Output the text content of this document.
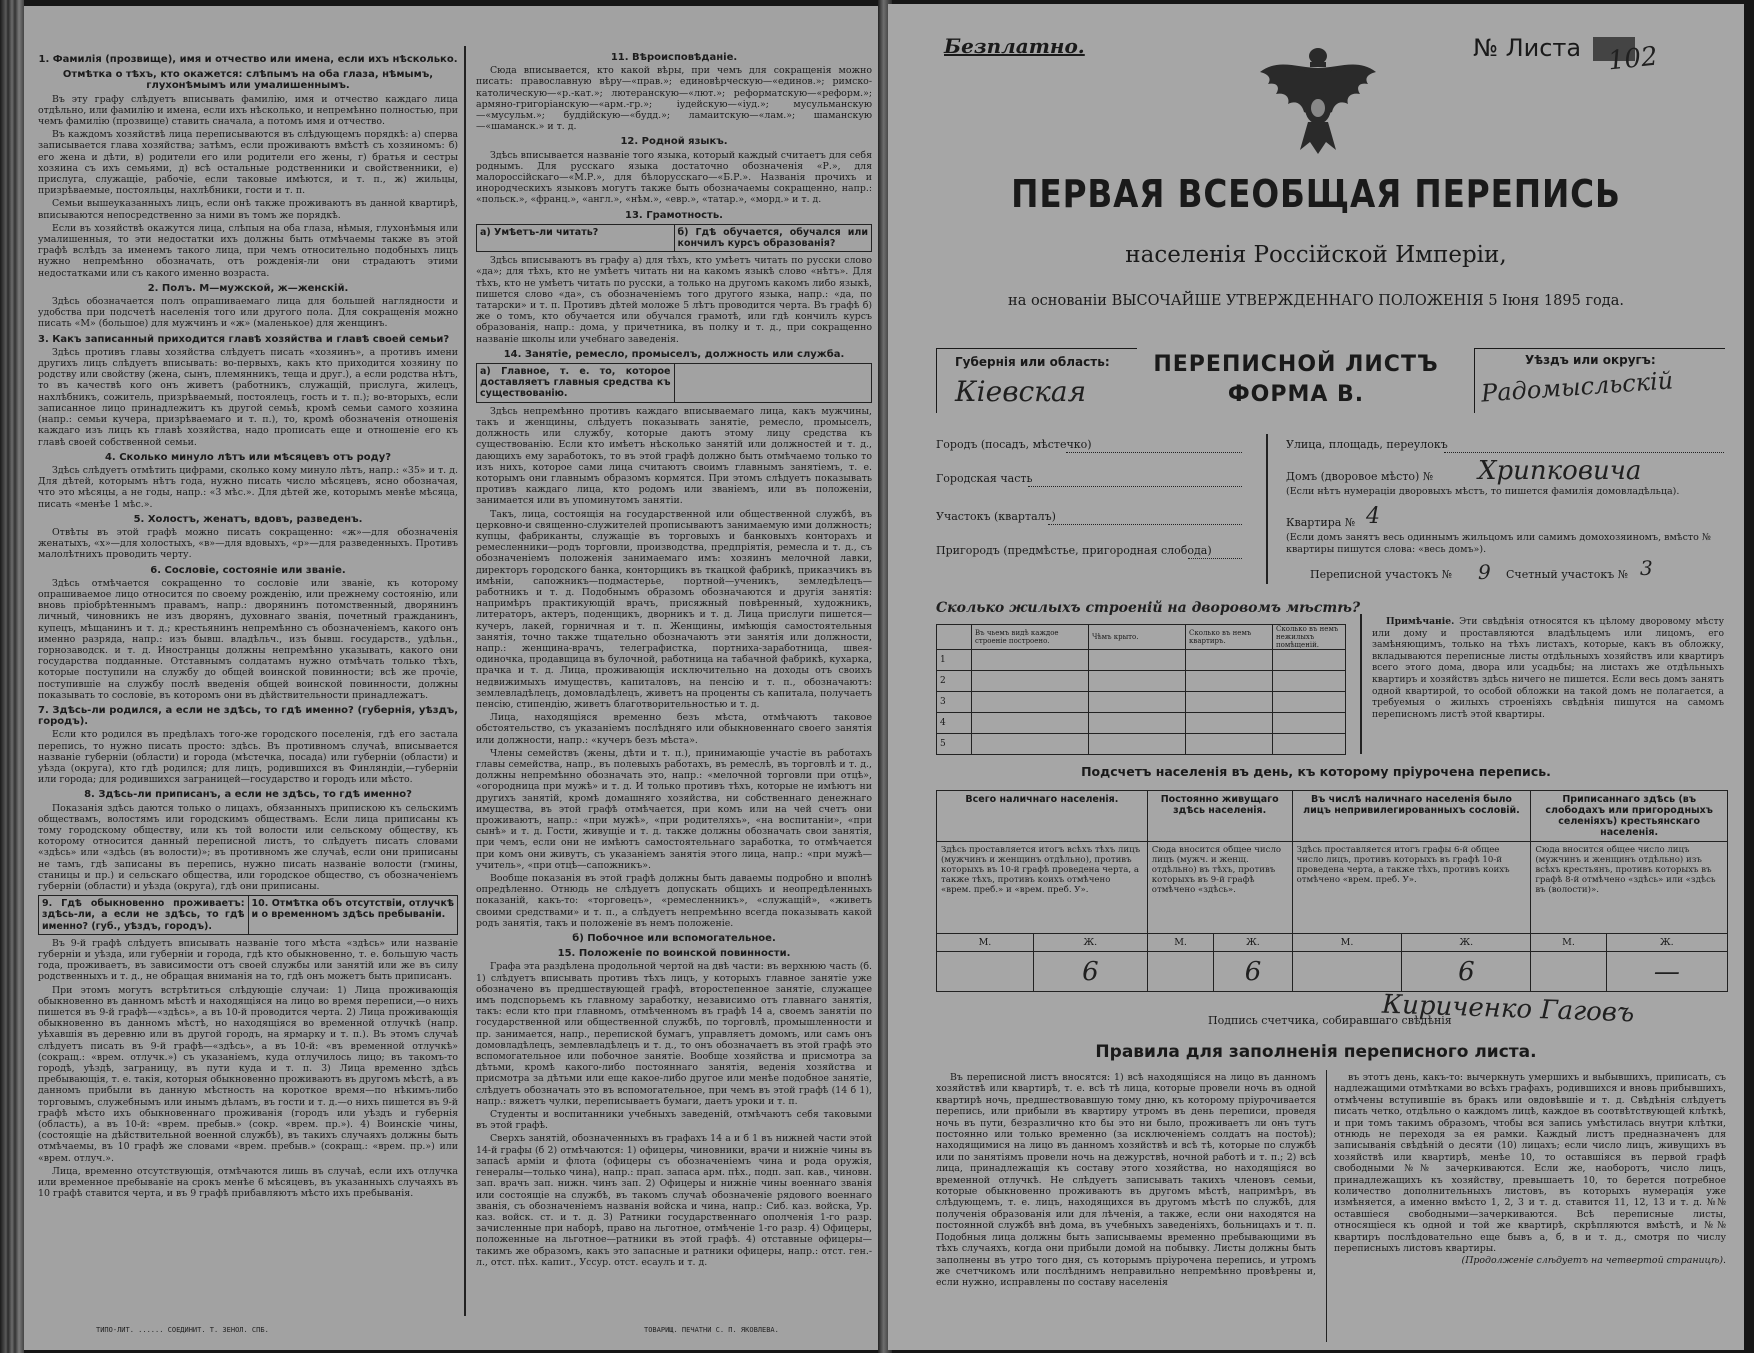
1. Фамилія (прозвище), имя и отчество или имена, если ихъ нѣсколько.

Отмѣтка о тѣхъ, кто окажется: слѣпымъ на оба глаза, нѣмымъ, глухонѣмымъ или умалишеннымъ.

Въ эту графу слѣдуетъ вписывать фамилію, имя и отчество каждаго лица отдѣльно, или фамилію и имена, если ихъ нѣсколько, и непремѣнно полностью, при чемъ фамилію (прозвище) ставить сначала, а потомъ имя и отчество.

Въ каждомъ хозяйствѣ лица переписываются въ слѣдующемъ порядкѣ: а) сперва записывается глава хозяйства; затѣмъ, если проживаютъ вмѣстѣ съ хозяиномъ: б) его жена и дѣти, в) родители его или родители его жены, г) братья и сестры хозяина съ ихъ семьями, д) всѣ остальные родственники и свойственники, е) прислуга, служащіе, рабочіе, если таковые имѣются, и т. п., ж) жильцы, призрѣваемые, постояльцы, нахлѣбники, гости и т. п.

Семьи вышеуказанныхъ лицъ, если онѣ также проживаютъ въ данной квартирѣ, вписываются непосредственно за ними въ томъ же порядкѣ.

Если въ хозяйствѣ окажутся лица, слѣпыя на оба глаза, нѣмыя, глухонѣмыя или умалишенныя, то эти недостатки ихъ должны быть отмѣчаемы также въ этой графѣ вслѣдъ за именемъ такого лица, при чемъ относительно подобныхъ лицъ нужно непремѣнно обозначать, отъ рожденія-ли они страдаютъ этими недостатками или съ какого именно возраста.

2. Полъ. М—мужской, ж—женскій.

Здѣсь обозначается полъ опрашиваемаго лица для большей наглядности и удобства при подсчетѣ населенія того или другого пола. Для сокращенія можно писать «М» (большое) для мужчинъ и «ж» (маленькое) для женщинъ.

3. Какъ записанный приходится главѣ хозяйства и главѣ своей семьи?

Здѣсь противъ главы хозяйства слѣдуетъ писать «хозяинъ», а противъ имени другихъ лицъ слѣдуетъ вписывать: во-первыхъ, какъ кто приходится хозяину по родству или свойству (жена, сынъ, племянникъ, теща и друг.), а если родства нѣтъ, то въ качествѣ кого онъ живетъ (работникъ, служащій, прислуга, жилецъ, нахлѣбникъ, сожитель, призрѣваемый, постоялецъ, гость и т. п.); во-вторыхъ, если записанное лицо принадлежитъ къ другой семьѣ, кромѣ семьи самого хозяина (напр.: семьи кучера, призрѣваемаго и т. п.), то, кромѣ обозначенія отношенія каждаго изъ лицъ къ главѣ хозяйства, надо прописать еще и отношеніе его къ главѣ своей собственной семьи.

4. Сколько минуло лѣтъ или мѣсяцевъ отъ роду?

Здѣсь слѣдуетъ отмѣтить цифрами, сколько кому минуло лѣтъ, напр.: «35» и т. д. Для дѣтей, которымъ нѣтъ года, нужно писать число мѣсяцевъ, ясно обозначая, что это мѣсяцы, а не годы, напр.: «3 мѣс.». Для дѣтей же, которымъ менѣе мѣсяца, писать «менѣе 1 мѣс.».

5. Холостъ, женатъ, вдовъ, разведенъ.

Отвѣты въ этой графѣ можно писать сокращенно: «ж»—для обозначенія женатыхъ, «х»—для холостыхъ, «в»—для вдовыхъ, «р»—для разведенныхъ. Противъ малолѣтнихъ проводить черту.

6. Сословіе, состояніе или званіе.

Здѣсь отмѣчается сокращенно то сословіе или званіе, къ которому опрашиваемое лицо относится по своему рожденію, или прежнему состоянію, или вновь пріобрѣтеннымъ правамъ, напр.: дворянинъ потомственный, дворянинъ личный, чиновникъ не изъ дворянъ, духовнаго званія, почетный гражданинъ, купецъ, мѣщанинъ и т. д.; крестьянинъ непремѣнно съ обозначеніемъ, какого онъ именно разряда, напр.: изъ бывш. владѣльч., изъ бывш. государств., удѣльн., горнозаводск. и т. д. Иностранцы должны непремѣнно указывать, какого они государства подданные. Отставнымъ солдатамъ нужно отмѣчать только тѣхъ, которые поступили на службу до общей воинской повинности; всѣ же прочіе, поступившіе на службу послѣ введенія общей воинской повинности, должны показывать то сословіе, въ которомъ они въ дѣйствительности принадлежатъ.

7. Здѣсь-ли родился, а если не здѣсь, то гдѣ именно? (губернія, уѣздъ, городъ).

Если кто родился въ предѣлахъ того-же городского поселенія, гдѣ его застала перепись, то нужно писать просто: здѣсь. Въ противномъ случаѣ, вписывается названіе губерніи (области) и города (мѣстечка, посада) или губерніи (области) и уѣзда (округа), кто гдѣ родился; для лицъ, родившихся въ Финляндіи,—губерніи или города; для родившихся заграницей—государство и городъ или мѣсто.

8. Здѣсь-ли приписанъ, а если не здѣсь, то гдѣ именно?

Показанія здѣсь даются только о лицахъ, обязанныхъ припискою къ сельскимъ обществамъ, волостямъ или городскимъ обществамъ. Если лица приписаны къ тому городскому обществу, или къ той волости или сельскому обществу, къ которому относится данный переписной листъ, то слѣдуетъ писать словами «здѣсь» или «здѣсь (въ волости)»; въ противномъ же случаѣ, если они приписаны не тамъ, гдѣ записаны въ перепись, нужно писать названіе волости (гмины, станицы и пр.) и сельскаго общества, или городское общество, съ обозначеніемъ губерніи (области) и уѣзда (округа), гдѣ они приписаны.

9. Гдѣ обыкновенно проживаетъ: здѣсь-ли, а если не здѣсь, то гдѣ именно? (губ., уѣздъ, городъ).
10. Отмѣтка объ отсутствіи, отлучкѣ и о временномъ здѣсь пребываніи.

Въ 9-й графѣ слѣдуетъ вписывать названіе того мѣста «здѣсь» или названіе губерніи и уѣзда, или губерніи и города, гдѣ кто обыкновенно, т. е. большую часть года, проживаетъ, въ зависимости отъ своей службы или занятій или же въ силу родственныхъ и т. д., не обращая вниманія на то, гдѣ онъ можетъ быть приписанъ.

При этомъ могутъ встрѣтиться слѣдующіе случаи: 1) Лица проживающія обыкновенно въ данномъ мѣстѣ и находящіяся на лицо во время переписи,—о нихъ пишется въ 9-й графѣ—«здѣсь», а въ 10-й проводится черта. 2) Лица проживающія обыкновенно въ данномъ мѣстѣ, но находящіяся во временной отлучкѣ (напр. уѣхавшія въ деревню или въ другой городъ, на ярмарку и т. п.). Въ этомъ случаѣ слѣдуетъ писать въ 9-й графѣ—«здѣсь», а въ 10-й: «въ временной отлучкѣ» (сокращ.: «врем. отлучк.») съ указаніемъ, куда отлучилось лицо; въ такомъ-то городѣ, уѣздѣ, заграницу, въ пути куда и т. п. 3) Лица временно здѣсь пребывающія, т. е. такія, которыя обыкновенно проживаютъ въ другомъ мѣстѣ, а въ данномъ прибыли въ данную мѣстность на короткое время—по нѣкимъ-либо торговымъ, служебнымъ или инымъ дѣламъ, въ гости и т. д.—о нихъ пишется въ 9-й графѣ мѣсто ихъ обыкновеннаго проживанія (городъ или уѣздъ и губернія (область), а въ 10-й: «врем. пребыв.» (сокр. «врем. пр.»). 4) Воинскіе чины, (состоящіе на дѣйствительной военной службѣ), въ такихъ случаяхъ должны быть отмѣчаемы, въ 10 графѣ же словами «врем. пребыв.» (сокращ.: «врем. пр.») или «врем. отлуч.».

Лица, временно отсутствующія, отмѣчаются лишь въ случаѣ, если ихъ отлучка или временное пребываніе на срокъ менѣе 6 мѣсяцевъ, въ указанныхъ случаяхъ въ 10 графѣ ставится черта, и въ 9 графѣ прибавляютъ мѣсто ихъ пребыванія.

11. Вѣроисповѣданіе.

Сюда вписывается, кто какой вѣры, при чемъ для сокращенія можно писать: православную вѣру—«прав.»; единовѣрческую—«единов.»; римско-католическую—«р.-кат.»; лютеранскую—«лют.»; реформатскую—«реформ.»; армяно-григоріанскую—«арм.-гр.»; іудейскую—«іуд.»; мусульманскую—«мусульм.»; буддійскую—«будд.»; ламаитскую—«лам.»; шаманскую—«шаманск.» и т. д.

12. Родной языкъ.

Здѣсь вписывается названіе того языка, который каждый считаетъ для себя роднымъ. Для русскаго языка достаточно обозначенія «Р.», для малороссійскаго—«М.Р.», для бѣлорусскаго—«Б.Р.». Названія прочихъ и инородческихъ языковъ могутъ также быть обозначаемы сокращенно, напр.: «польск.», «франц.», «англ.», «нѣм.», «евр.», «татар.», «морд.» и т. д.

13. Грамотность.

а) Умѣетъ-ли читать?	б) Гдѣ обучается, обучался или кончилъ курсъ образованія?

Здѣсь вписываютъ въ графу а) для тѣхъ, кто умѣетъ читать по русски слово «да»; для тѣхъ, кто не умѣетъ читать ни на какомъ языкѣ слово «нѣтъ». Для тѣхъ, кто не умѣетъ читать по русски, а только на другомъ какомъ либо языкѣ, пишется слово «да», съ обозначеніемъ того другого языка, напр.: «да, по татарски» и т. п. Противъ дѣтей моложе 5 лѣтъ проводится черта. Въ графѣ б) же о томъ, кто обучается или обучался грамотѣ, или гдѣ кончилъ курсъ образованія, напр.: дома, у причетника, въ полку и т. д., при сокращенно названіе школы или учебнаго заведенія.

14. Занятіе, ремесло, промыселъ, должность или служба.

а) Главное, т. е. то, которое доставляетъ главныя средства къ существованію.

Здѣсь непремѣнно противъ каждаго вписываемаго лица, какъ мужчины, такъ и женщины, слѣдуетъ показывать занятіе, ремесло, промыселъ, должность или службу, которые даютъ этому лицу средства къ существованію. Если кто имѣетъ нѣсколько занятій или должностей и т. д., дающихъ ему заработокъ, то въ этой графѣ должно быть отмѣчаемо только то изъ нихъ, которое сами лица считаютъ своимъ главнымъ занятіемъ, т. е. которымъ они главнымъ образомъ кормятся. При этомъ слѣдуетъ показывать противъ каждаго лица, кто родомъ или званіемъ, или въ положеніи, занимается или въ упоминутомъ занятіи.

Такъ, лица, состоящія на государственной или общественной службѣ, въ церковно-и священно-служителей прописываютъ занимаемую ими должность; купцы, фабриканты, служащіе въ торговыхъ и банковыхъ конторахъ и ремесленники—родъ торговли, производства, предпріятія, ремесла и т. д., съ обозначеніемъ положенія занимаемаго имъ: хозяинъ мелочной лавки, директоръ городского банка, конторщикъ въ ткацкой фабрикѣ, приказчикъ въ имѣніи, сапожникъ—подмастерье, портной—ученикъ, земледѣлецъ—работникъ и т. д. Подобнымъ образомъ обозначаются и другія занятія: напримѣръ практикующій врачъ, присяжный повѣренный, художникъ, литераторъ, актеръ, поденщикъ, дворникъ и т. д. Лица прислуги пишется—кучеръ, лакей, горничная и т. п. Женщины, имѣющія самостоятельныя занятія, точно также тщательно обозначаютъ эти занятія или должности, напр.: женщина-врачъ, телеграфистка, портниха-заработница, швея-одиночка, продавщица въ булочной, работница на табачной фабрикѣ, кухарка, прачка и т. д. Лица, проживающія исключительно на доходы отъ своихъ недвижимыхъ имуществъ, капиталовъ, на пенсію и т. п., обозначаютъ: землевладѣлецъ, домовладѣлецъ, живетъ на проценты съ капитала, получаетъ пенсію, стипендію, живетъ благотворительностью и т. д.

Лица, находящіяся временно безъ мѣста, отмѣчаютъ таковое обстоятельство, съ указаніемъ послѣдняго или обыкновеннаго своего занятія или должности, напр.: «кучеръ безъ мѣста».

Члены семействъ (жены, дѣти и т. п.), принимающіе участіе въ работахъ главы семейства, напр., въ полевыхъ работахъ, въ ремеслѣ, въ торговлѣ и т. д., должны непремѣнно обозначать это, напр.: «мелочной торговли при отцѣ», «огородница при мужѣ» и т. д. И только противъ тѣхъ, которые не имѣютъ ни другихъ занятій, кромѣ домашняго хозяйства, ни собственнаго денежнаго имущества, въ этой графѣ отмѣчается, при комъ или на чей счетъ они проживаютъ, напр.: «при мужѣ», «при родителяхъ», «на воспитаніи», «при сынѣ» и т. д. Гости, живущіе и т. д. также должны обозначать свои занятія, при чемъ, если они не имѣютъ самостоятельнаго заработка, то отмѣчается при комъ они живутъ, съ указаніемъ занятія этого лица, напр.: «при мужѣ—учитель», «при отцѣ—сапожникъ».

Вообще показанія въ этой графѣ должны быть даваемы подробно и вполнѣ опредѣленно. Отнюдь не слѣдуетъ допускать общихъ и неопредѣленныхъ показаній, какъ-то: «торговецъ», «ремесленникъ», «служащій», «живетъ своими средствами» и т. п., а слѣдуетъ непремѣнно всегда показывать какой родъ занятія, такъ и положеніе въ немъ положеніе.

б) Побочное или вспомогательное.

15. Положеніе по воинской повинности.

Графа эта раздѣлена продольной чертой на двѣ части: въ верхнюю часть (б. 1) слѣдуетъ вписывать противъ тѣхъ лицъ, у которыхъ главное занятіе уже обозначено въ предшествующей графѣ, второстепенное занятіе, служащее имъ подспорьемъ къ главному заработку, независимо отъ главнаго занятія, такъ: если кто при главномъ, отмѣченномъ въ графѣ 14 а, своемъ занятіи по государственной или общественной службѣ, по торговлѣ, промышленности и пр. занимается, напр., перепиской бумагъ, управляетъ домомъ, или самъ онъ домовладѣлецъ, землевладѣлецъ и т. д., то онъ обозначаетъ въ этой графѣ это вспомогательное или побочное занятіе. Вообще хозяйства и присмотра за дѣтьми, кромѣ какого-либо постояннаго занятія, веденія хозяйства и присмотра за дѣтьми или еще какое-либо другое или менѣе подобное занятіе, слѣдуетъ обозначать это въ вспомогательное, при чемъ въ этой графѣ (14 б 1), напр.: вяжетъ чулки, переписываетъ бумаги, даетъ уроки и т. п.

Студенты и воспитанники учебныхъ заведеній, отмѣчаютъ себя таковыми въ этой графѣ.

Сверхъ занятій, обозначенныхъ въ графахъ 14 а и б 1 въ нижней части этой 14-й графы (б 2) отмѣчаются: 1) офицеры, чиновники, врачи и нижніе чины въ запасѣ арміи и флота (офицеры съ обозначеніемъ чина и рода оружія, генералы—только чина), напр.: прап. запаса арм. пѣх., подп. зап. кав., чиновн. зап. врачъ зап. нижн. чинъ зап. 2) Офицеры и нижніе чины военнаго званія или состоящіе на службѣ, въ такомъ случаѣ обозначеніе рядового военнаго званія, съ обозначеніемъ названія войска и чина, напр.: Сиб. каз. войска, Ур. каз. войск. ст. и т. д. 3) Ратники государственнаго ополченія 1-го разр. зачисленные при наборѣ, право на льготное, отмѣченіе 1-го разр. 4) Офицеры, положенные на льготное—ратники въ этой графѣ. 4) отставные офицеры—такимъ же образомъ, какъ это запасные и ратники офицеры, напр.: отст. ген.-л., отст. пѣх. капит., Уссур. отст. есаулъ и т. д.

ТИПО-ЛИТ. ...... СОЕДИНИТ. Т. ЗЕНОЛ. СПБ.	ТОВАРИЩ. ПЕЧАТНИ С. П. ЯКОВЛЕВА.
Безплатно.	№ Листа 102
ПЕРВАЯ ВСЕОБЩАЯ ПЕРЕПИСЬ
населенія Россійской Имперіи,
на основаніи ВЫСОЧАЙШЕ УТВЕРЖДЕННАГО ПОЛОЖЕНІЯ 5 Іюня 1895 года.
Губернія или область:
Кіевская
ПЕРЕПИСНОЙ ЛИСТЪ
ФОРМА В.
Уѣздъ или округъ:
Радомысльскій
Городъ (посадъ, мѣстечко)
Городская часть
Участокъ (кварталъ)
Пригородъ (предмѣстье, пригородная слобода)
Улица, площадь, переулокъ
Домъ (дворовое мѣсто) № Хрипковича
(Если нѣтъ нумераціи дворовыхъ мѣстъ, то пишется фамилія домовладѣльца).
Квартира № 4
(Если домъ занятъ весь одиннымъ жильцомъ или самимъ домохозяиномъ, вмѣсто № квартиры пишутся слова: «весь домъ»).
Переписной участокъ № 9 Счетный участокъ № 3
Сколько жилыхъ строеній на дворовомъ мѣстѣ?
	Въ чьемъ видѣ каждое строеніе построено.	Чѣмъ крыто.	Сколько въ немъ квартиръ.	Сколько въ немъ нежилыхъ помѣщеній.
1				
2				
3				
4				
5				

Примѣчаніе. Эти свѣдѣнія относятся къ цѣлому дворовому мѣсту или дому и проставляются владѣльцемъ или лицомъ, его замѣняющимъ, только на тѣхъ листахъ, которые, какъ въ обложку, вкладываются переписные листы отдѣльныхъ хозяйствъ или квартиръ всего этого дома, двора или усадьбы; на листахъ же отдѣльныхъ квартиръ и хозяйствъ здѣсь ничего не пишется. Если весь домъ занятъ одной квартирой, то особой обложки на такой домъ не полагается, а требуемыя о жилыхъ строеніяхъ свѣдѣнія пишутся на самомъ переписномъ листѣ этой квартиры.

Подсчетъ населенія въ день, къ которому пріурочена перепись.
Всего наличнаго населенія.		Постоянно живущаго здѣсь населенія.		Въ числѣ наличнаго населенія было лицъ непривилегированныхъ сословій.		Приписаннаго здѣсь (въ слободахъ или пригородныхъ селеніяхъ) крестьянскаго населенія.	
Здѣсь проставляется итогъ всѣхъ тѣхъ лицъ (мужчинъ и женщинъ отдѣльно), противъ которыхъ въ 10-й графѣ проведена черта, а также тѣхъ, противъ коихъ отмѣчено «врем. преб.» и «врем. преб. У».		Сюда вносится общее число лицъ (мужч. и женщ. отдѣльно) въ тѣхъ, противъ которыхъ въ 9-й графѣ отмѣчено «здѣсь».		Здѣсь проставляется итогъ графы 6-й общее число лицъ, противъ которыхъ въ графѣ 10-й проведена черта, а также тѣхъ, противъ коихъ отмѣчено «врем. преб. У».		Сюда вносится общее число лицъ (мужчинъ и женщинъ отдѣльно) изъ всѣхъ крестьянъ, противъ которыхъ въ графѣ 8-й отмѣчено «здѣсь» или «здѣсь въ (волости)».	
М.	Ж.	М.	Ж.	М.	Ж.	М.	Ж.
	6		6		6		—
Подпись счетчика, собиравшаго свѣдѣнія
Кириченко Гаговъ
Правила для заполненія переписного листа.

Въ переписной листъ вносятся: 1) всѣ находящіяся на лицо въ данномъ хозяйствѣ или квартирѣ, т. е. всѣ тѣ лица, которые провели ночь въ одной квартирѣ ночь, предшествовавшую тому дню, къ которому пріурочивается перепись, или прибыли въ квартиру утромъ въ день переписи, проведя ночь въ пути, безразлично кто бы это ни было, проживаетъ ли онъ тутъ постоянно или только временно (за исключеніемъ солдатъ на постоѣ); находящимися на лицо въ данномъ хозяйствѣ и всѣ тѣ, которые по службѣ или по занятіямъ провели ночь на дежурствѣ, ночной работѣ и т. п.; 2) всѣ лица, принадлежащія къ составу этого хозяйства, но находящіяся во временной отлучкѣ. Не слѣдуетъ записывать такихъ членовъ семьи, которые обыкновенно проживаютъ въ другомъ мѣстѣ, напримѣръ, въ слѣдующемъ, т. е. лицъ, находящихся въ другомъ мѣстѣ по службѣ, для полученія образованія или для лѣченія, а также, если они находятся на постоянной службѣ внѣ дома, въ учебныхъ заведеніяхъ, больницахъ и т. п. Подобныя лица должны быть записываемы временно пребывающими въ тѣхъ случаяхъ, когда они прибыли домой на побывку. Листы должны быть заполнены въ утро того дня, съ которымъ пріурочена перепись, и утромъ же счетчикомъ или послѣднимъ неправильно непремѣнно провѣрены и, если нужно, исправлены по составу населенія

въ этотъ день, какъ-то: вычеркнуть умершихъ и выбывшихъ, приписать, съ надлежащими отмѣтками во всѣхъ графахъ, родившихся и вновь прибывшихъ, отмѣчены вступившіе въ бракъ или овдовѣвшіе и т. д. Свѣдѣнія слѣдуетъ писать четко, отдѣльно о каждомъ лицѣ, каждое въ соотвѣтствующей клѣткѣ, и при томъ такимъ образомъ, чтобы вся запись умѣстилась внутри клѣтки, отнюдь не переходя за ея рамки. Каждый листъ предназначенъ для записыванія свѣдѣній о десяти (10) лицахъ; если число лицъ, живущихъ въ хозяйствѣ или квартирѣ, менѣе 10, то оставшіяся въ первой графѣ свободными №№ зачеркиваются. Если же, наоборотъ, число лицъ, принадлежащихъ къ хозяйству, превышаетъ 10, то берется потребное количество дополнительныхъ листовъ, въ которыхъ нумерація уже измѣняется, а именно вмѣсто 1, 2, 3 и т. д. ставится 11, 12, 13 и т. д. №№ оставшіеся свободными—зачеркиваются. Всѣ переписные листы, относящіеся къ одной и той же квартирѣ, скрѣпляются вмѣстѣ, и №№ квартиръ послѣдовательно еще бывъ а, б, в и т. д., смотря по числу переписныхъ листовъ квартиры.

(Продолженіе слѣдуетъ на четвертой страницѣ).
